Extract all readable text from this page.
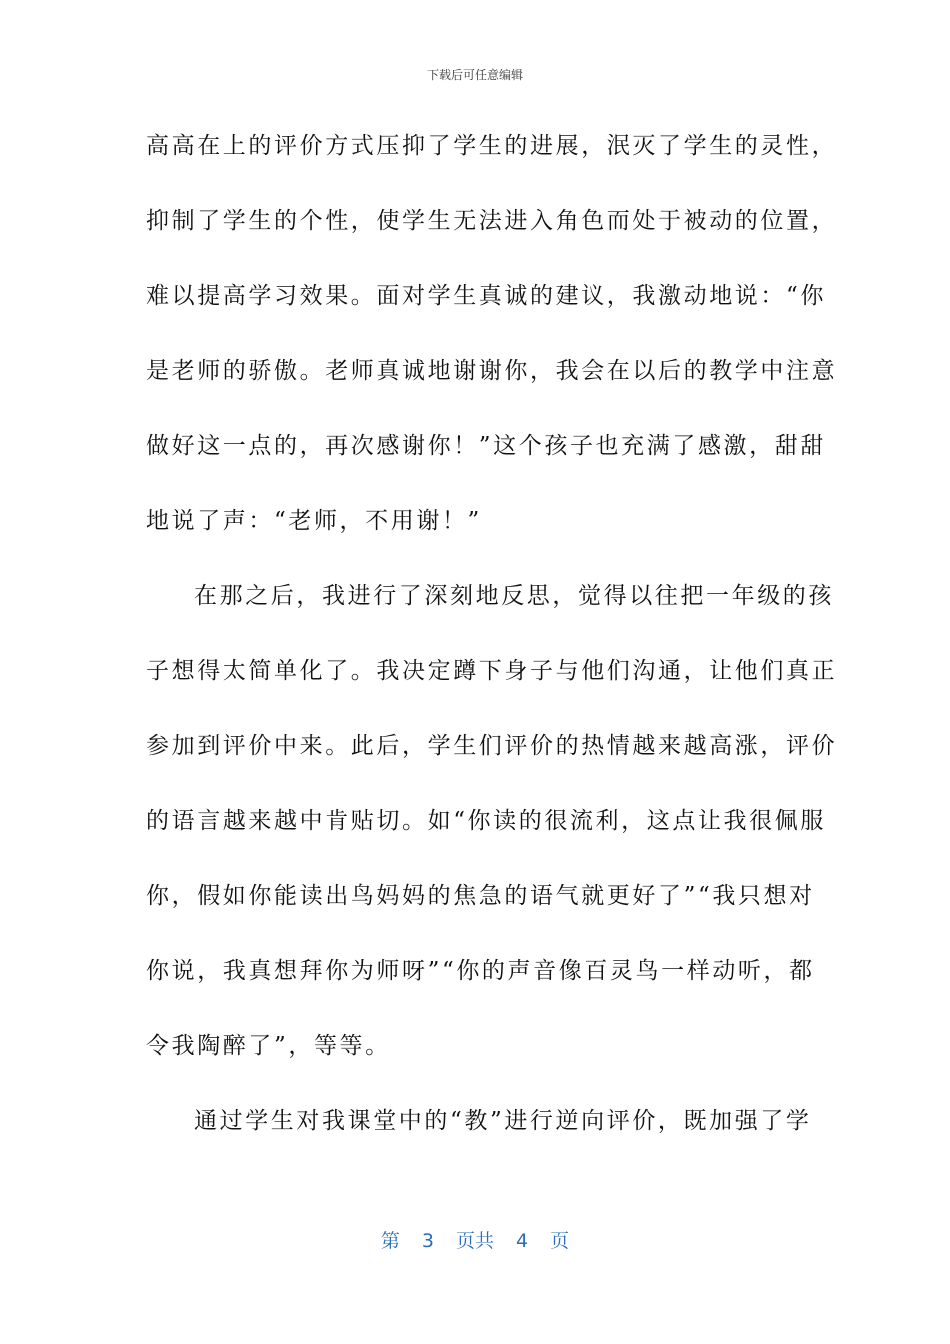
下载后可任意编辑
高高在上的评价方式压抑了学生的进展，泯灭了学生的灵性，
抑制了学生的个性，使学生无法进入角色而处于被动的位置，
难以提高学习效果。面对学生真诚的建议，我激动地说：“你
是老师的骄傲。老师真诚地谢谢你，我会在以后的教学中注意
做好这一点的，再次感谢你！”这个孩子也充满了感激，甜甜
地说了声：“老师，不用谢！”
在那之后，我进行了深刻地反思，觉得以往把一年级的孩
子想得太简单化了。我决定蹲下身子与他们沟通，让他们真正
参加到评价中来。此后，学生们评价的热情越来越高涨，评价
的语言越来越中肯贴切。如“你读的很流利，这点让我很佩服
你，假如你能读出鸟妈妈的焦急的语气就更好了”“我只想对
你说，我真想拜你为师呀”“你的声音像百灵鸟一样动听，都
令我陶醉了”，等等。
通过学生对我课堂中的“教”进行逆向评价，既加强了学
第 3 页共 4 页
